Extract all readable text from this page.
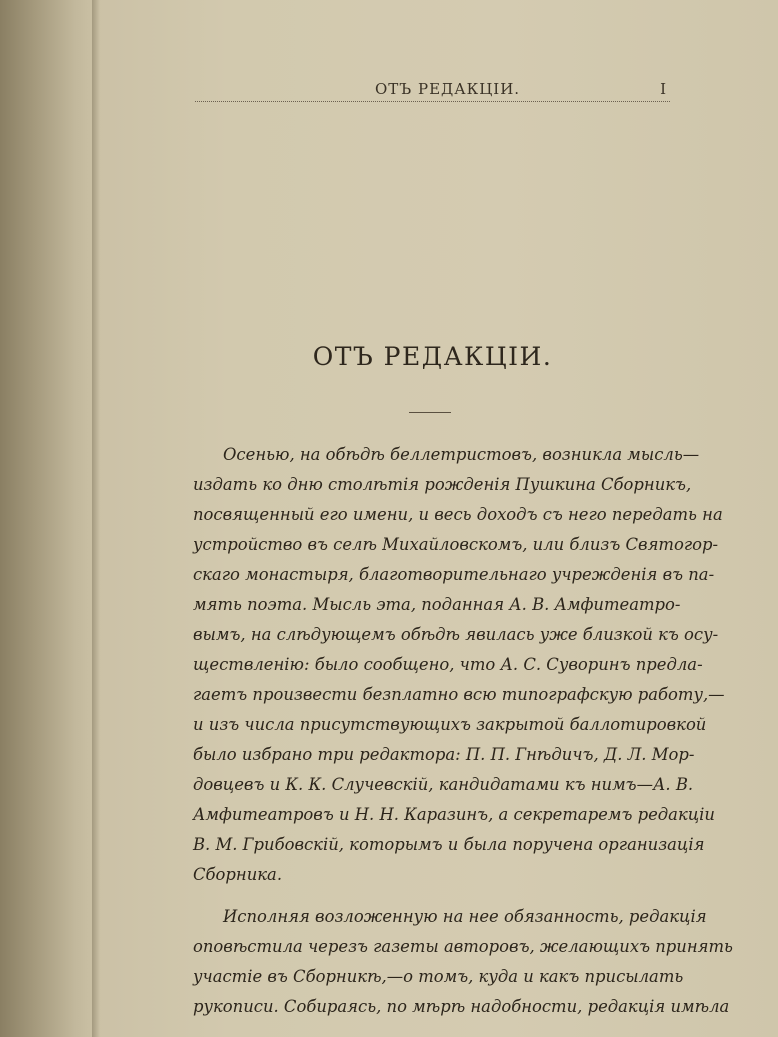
ОТЪ РЕДАКЦІИ.	I
ОТЪ РЕДАКЦІИ.
Осенью, на обѣдѣ беллетристовъ, возникла мысль—
издать ко дню столѣтія рожденія Пушкина Сборникъ,
посвященный его имени, и весь доходъ съ него передать на
устройство въ селѣ Михайловскомъ, или близъ Святогор-
скаго монастыря, благотворительнаго учрежденія въ па-
мять поэта. Мысль эта, поданная А. В. Амфитеатро-
вымъ, на слѣдующемъ обѣдѣ явилась уже близкой къ осу-
ществленію: было сообщено, что А. С. Суворинъ предла-
гаетъ произвести безплатно всю типографскую работу,—
и изъ числа присутствующихъ закрытой баллотировкой
было избрано три редактора: П. П. Гнѣдичъ, Д. Л. Мор-
довцевъ и К. К. Случевскій, кандидатами къ нимъ—А. В.
Амфитеатровъ и Н. Н. Каразинъ, а секретаремъ редакціи
В. М. Грибовскій, которымъ и была поручена организація
Сборника.
Исполняя возложенную на нее обязанность, редакція
оповѣстила черезъ газеты авторовъ, желающихъ принять
участіе въ Сборникѣ,—о томъ, куда и какъ присылать
рукописи. Собираясь, по мѣрѣ надобности, редакція имѣла
